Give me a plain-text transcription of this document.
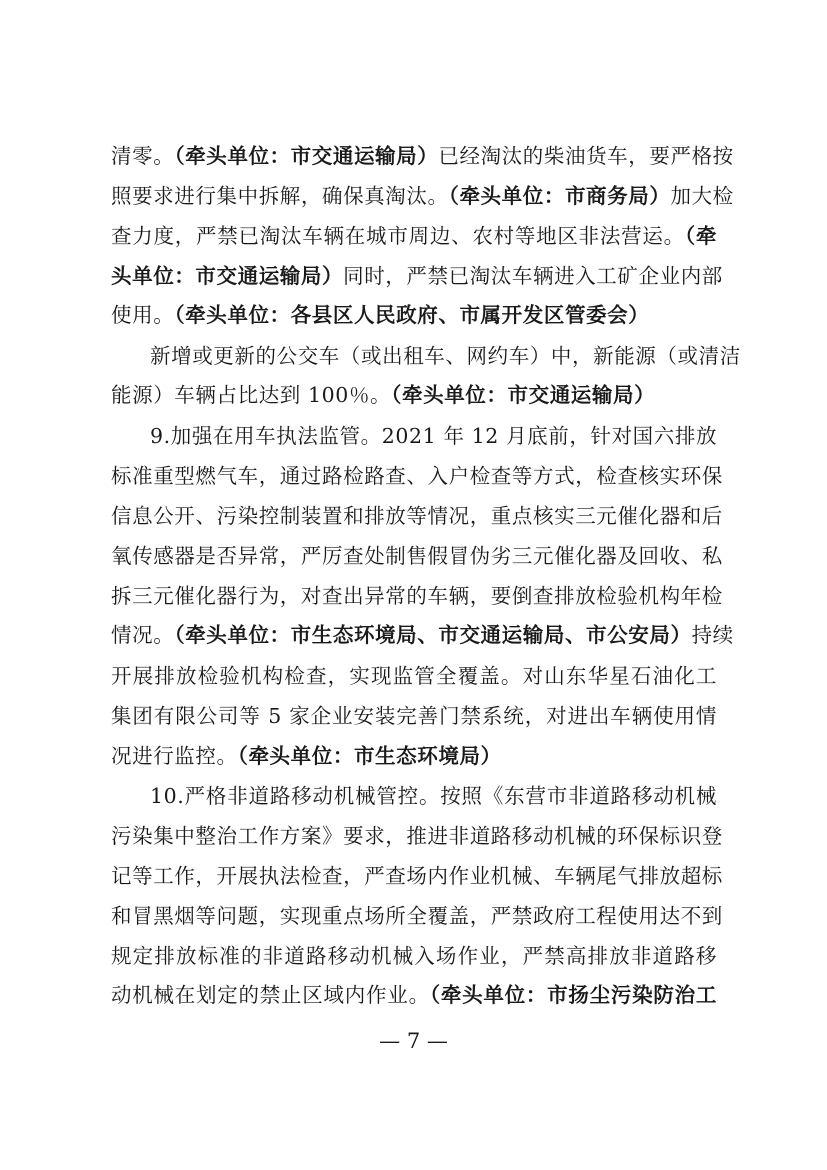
清零。（牵头单位：市交通运输局）已经淘汰的柴油货车，要严格按
照要求进行集中拆解，确保真淘汰。（牵头单位：市商务局）加大检
查力度，严禁已淘汰车辆在城市周边、农村等地区非法营运。（牵
头单位：市交通运输局）同时，严禁已淘汰车辆进入工矿企业内部
使用。（牵头单位：各县区人民政府、市属开发区管委会）
新增或更新的公交车（或出租车、网约车）中，新能源（或清洁
能源）车辆占比达到 100％。（牵头单位：市交通运输局）
9.加强在用车执法监管。2021 年 12 月底前，针对国六排放
标准重型燃气车，通过路检路查、入户检查等方式，检查核实环保
信息公开、污染控制装置和排放等情况，重点核实三元催化器和后
氧传感器是否异常，严厉查处制售假冒伪劣三元催化器及回收、私
拆三元催化器行为，对查出异常的车辆，要倒查排放检验机构年检
情况。（牵头单位：市生态环境局、市交通运输局、市公安局）持续
开展排放检验机构检查，实现监管全覆盖。对山东华星石油化工
集团有限公司等 5 家企业安装完善门禁系统，对进出车辆使用情
况进行监控。（牵头单位：市生态环境局）
10.严格非道路移动机械管控。按照《东营市非道路移动机械
污染集中整治工作方案》要求，推进非道路移动机械的环保标识登
记等工作，开展执法检查，严查场内作业机械、车辆尾气排放超标
和冒黑烟等问题，实现重点场所全覆盖，严禁政府工程使用达不到
规定排放标准的非道路移动机械入场作业，严禁高排放非道路移
动机械在划定的禁止区域内作业。（牵头单位：市扬尘污染防治工
— 7 —
